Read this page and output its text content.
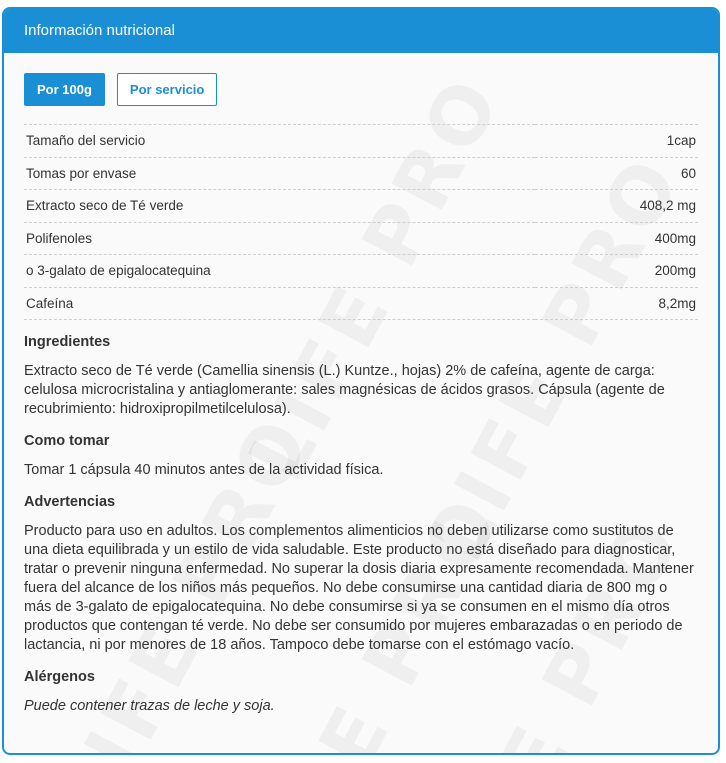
Información nutricional
Por 100g	Por servicio
Tamaño del servicio	1cap
Tomas por envase	60
Extracto seco de Té verde	408,2 mg
Polifenoles	400mg
o 3-galato de epigalocatequina	200mg
Cafeína	8,2mg
Ingredientes

Extracto seco de Té verde (Camellia sinensis (L.) Kuntze., hojas) 2% de cafeína, agente de carga: celulosa microcristalina y antiaglomerante: sales magnésicas de ácidos grasos. Cápsula (agente de recubrimiento: hidroxipropilmetilcelulosa).

Como tomar

Tomar 1 cápsula 40 minutos antes de la actividad física.

Advertencias

Producto para uso en adultos. Los complementos alimenticios no deben utilizarse como sustitutos de una dieta equilibrada y un estilo de vida saludable. Este producto no está diseñado para diagnosticar, tratar o prevenir ninguna enfermedad. No superar la dosis diaria expresamente recomendada. Mantener fuera del alcance de los niños más pequeños. No debe consumirse una cantidad diaria de 800 mg o más de 3-galato de epigalocatequina. No debe consumirse si ya se consumen en el mismo día otros productos que contengan té verde. No debe ser consumido por mujeres embarazadas o en periodo de lactancia, ni por menores de 18 años. Tampoco debe tomarse con el estómago vacío.

Alérgenos

Puede contener trazas de leche y soja.
